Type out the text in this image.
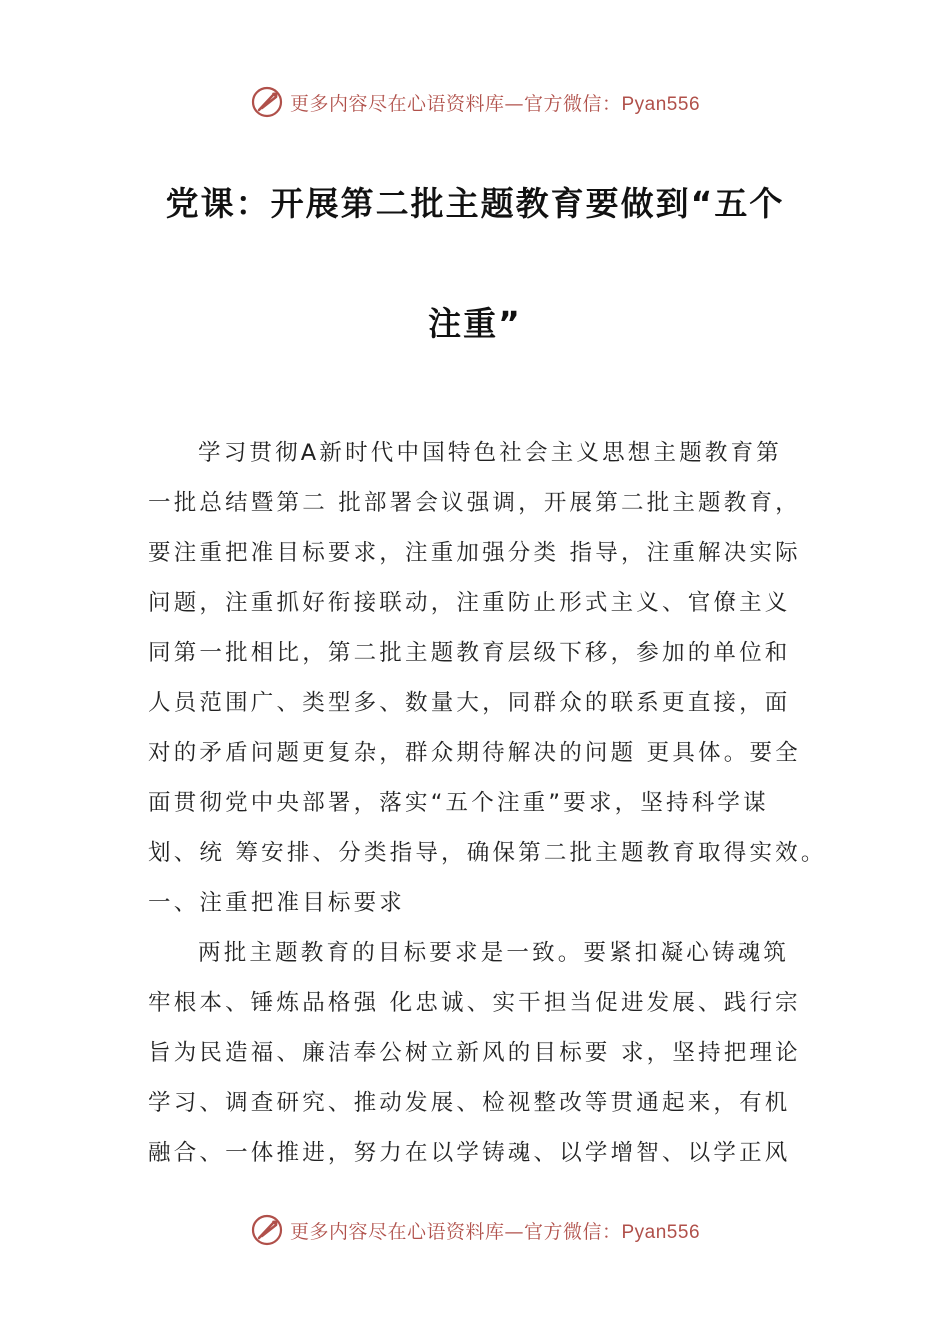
更多内容尽在心语资料库—官方微信：Pyan556
党课：开展第二批主题教育要做到“五个
注重”
学习贯彻A新时代中国特色社会主义思想主题教育第
一批总结暨第二 批部署会议强调，开展第二批主题教育，
要注重把准目标要求，注重加强分类 指导，注重解决实际
问题，注重抓好衔接联动，注重防止形式主义、官僚主义
同第一批相比，第二批主题教育层级下移，参加的单位和
人员范围广、类型多、数量大，同群众的联系更直接，面
对的矛盾问题更复杂，群众期待解决的问题 更具体。要全
面贯彻党中央部署，落实“五个注重”要求，坚持科学谋
划、统 筹安排、分类指导，确保第二批主题教育取得实效。
一、注重把准目标要求
两批主题教育的目标要求是一致。要紧扣凝心铸魂筑
牢根本、锤炼品格强 化忠诚、实干担当促进发展、践行宗
旨为民造福、廉洁奉公树立新风的目标要 求，坚持把理论
学习、调查研究、推动发展、检视整改等贯通起来，有机
融合、一体推进，努力在以学铸魂、以学增智、以学正风
更多内容尽在心语资料库—官方微信：Pyan556
